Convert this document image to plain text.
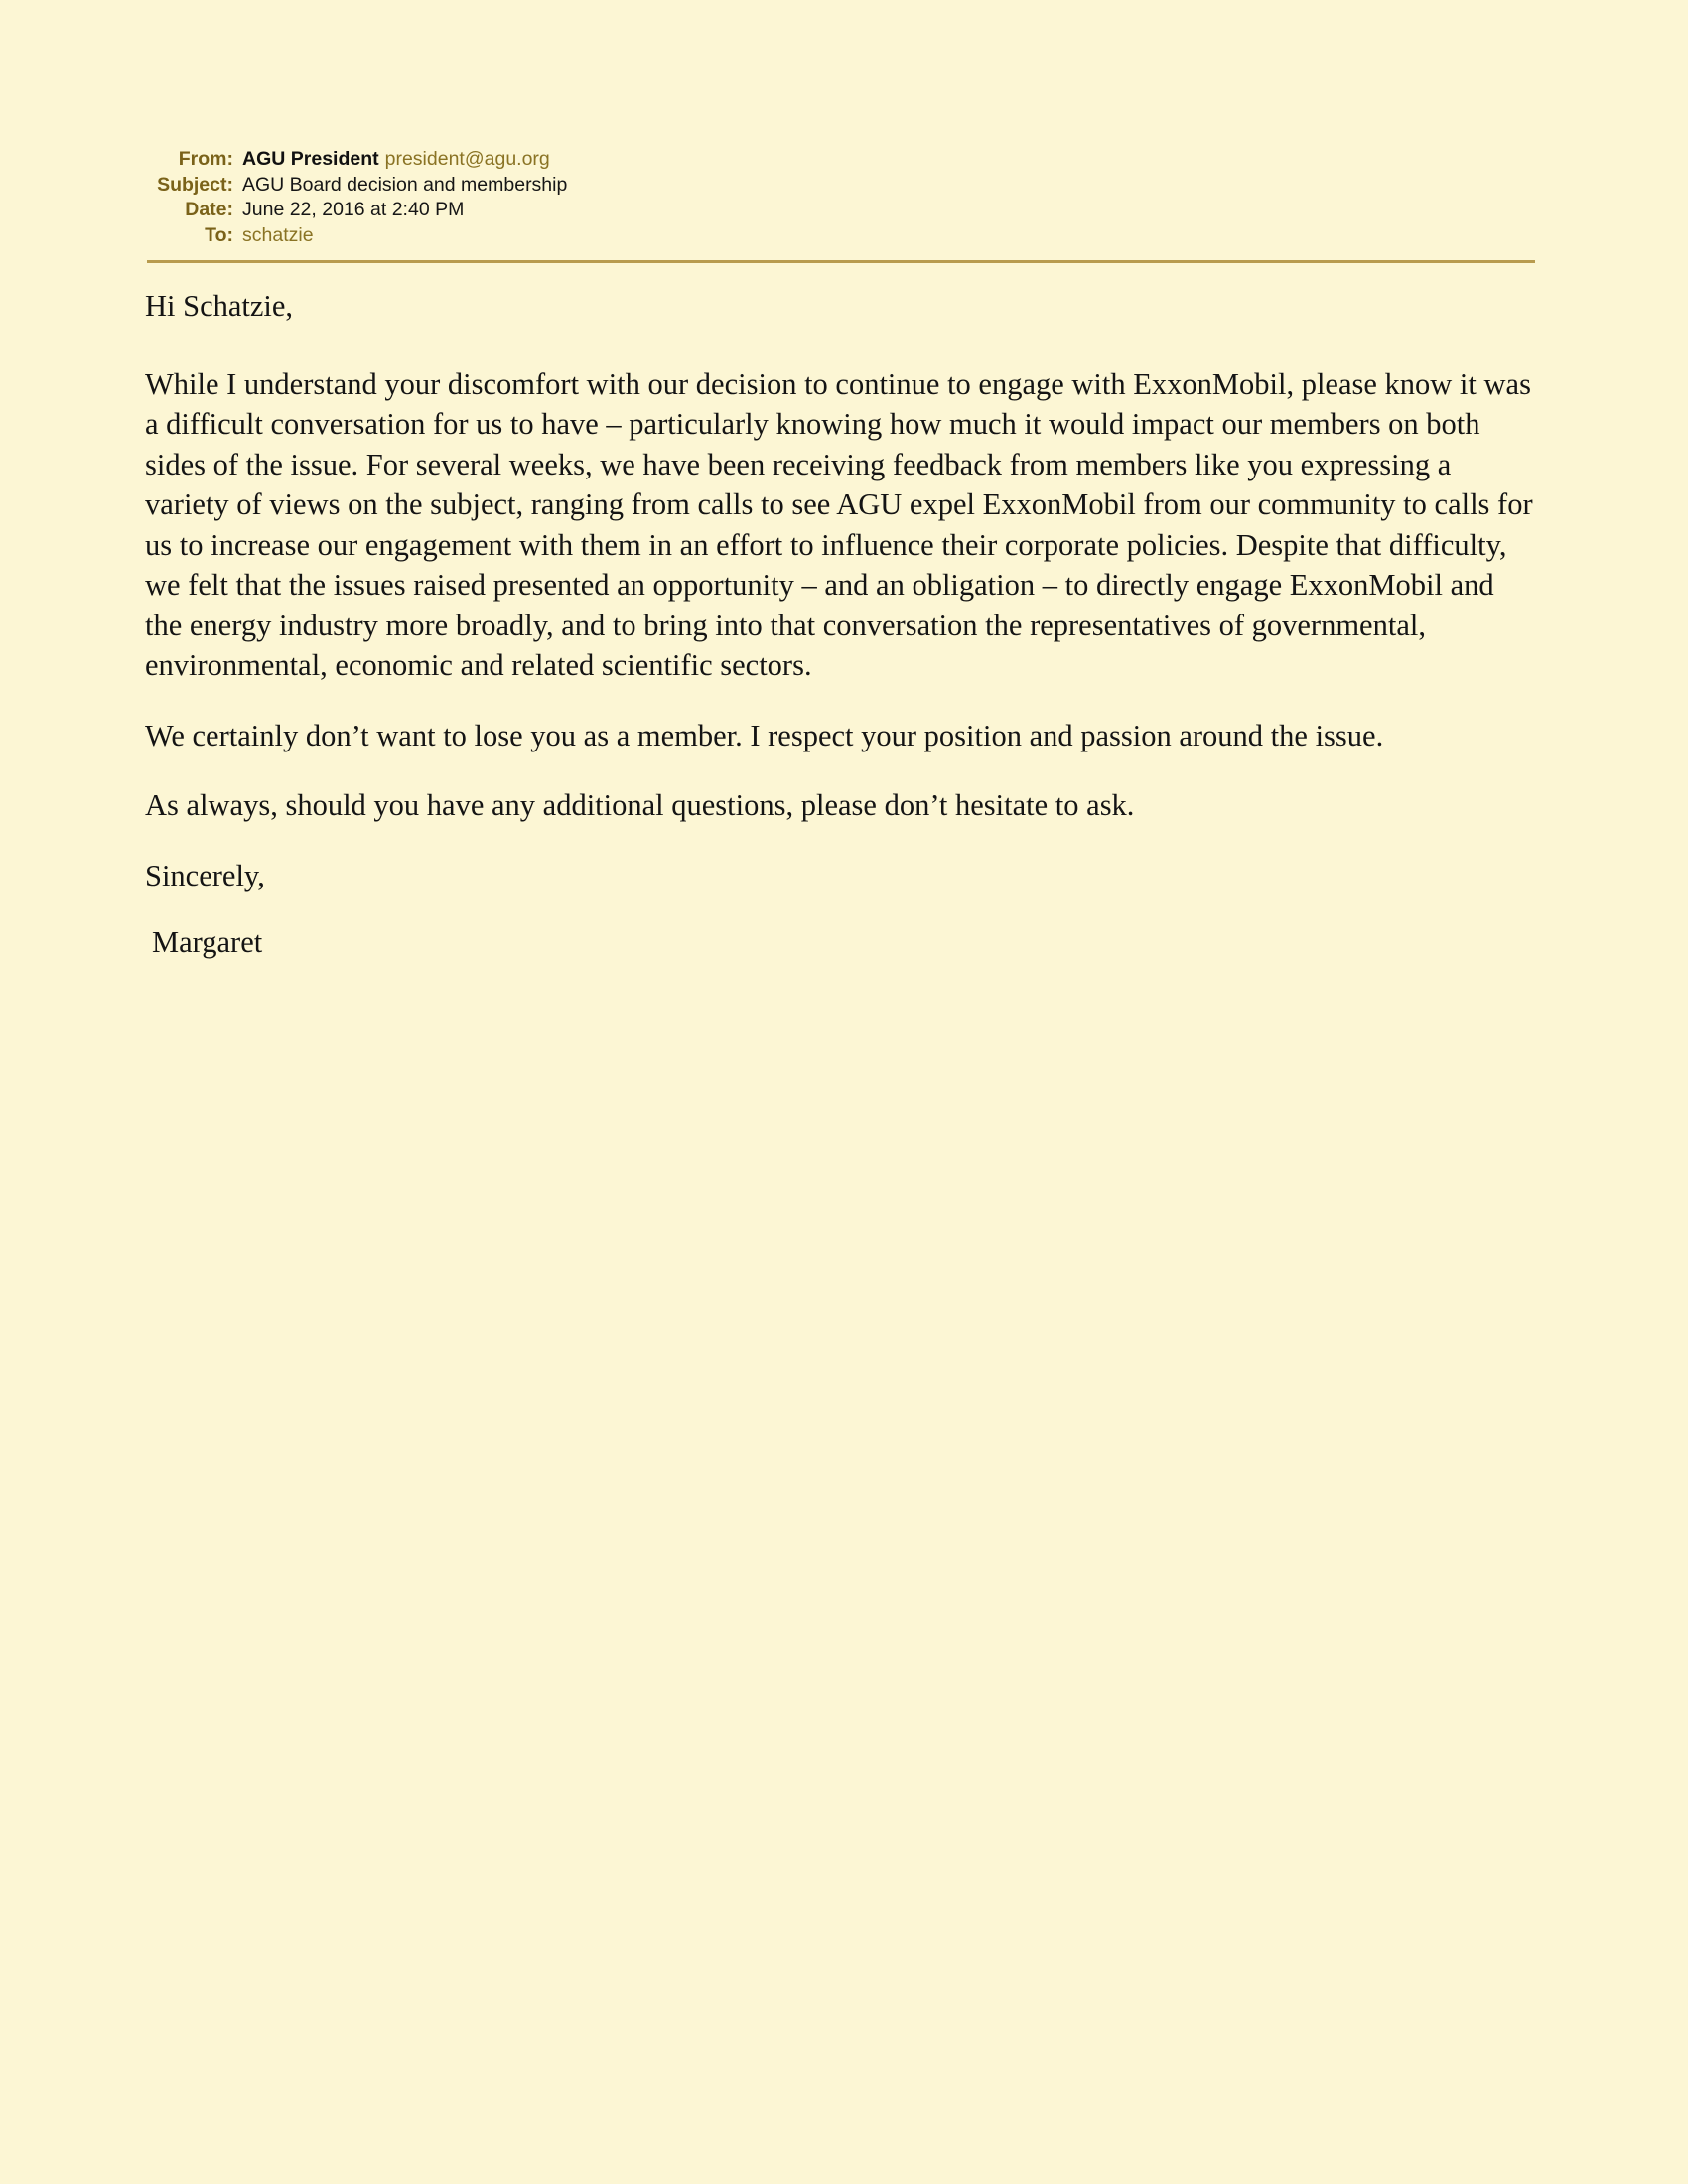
From: AGU President president@agu.org
Subject: AGU Board decision and membership
Date: June 22, 2016 at 2:40 PM
To: schatzie

Hi Schatzie,

While I understand your discomfort with our decision to continue to engage with ExxonMobil, please know it was a difficult conversation for us to have – particularly knowing how much it would impact our members on both sides of the issue. For several weeks, we have been receiving feedback from members like you expressing a variety of views on the subject, ranging from calls to see AGU expel ExxonMobil from our community to calls for us to increase our engagement with them in an effort to influence their corporate policies. Despite that difficulty, we felt that the issues raised presented an opportunity – and an obligation – to directly engage ExxonMobil and the energy industry more broadly, and to bring into that conversation the representatives of governmental, environmental, economic and related scientific sectors.

We certainly don’t want to lose you as a member. I respect your position and passion around the issue.

As always, should you have any additional questions, please don’t hesitate to ask.

Sincerely,

Margaret
